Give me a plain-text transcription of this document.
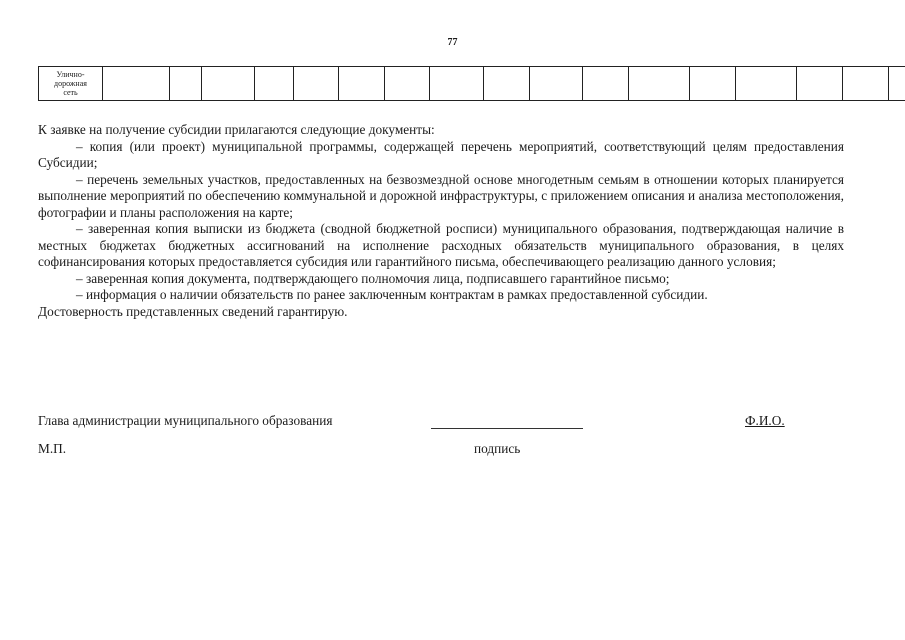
77
Улично-
дорожная
сеть																		

К заявке на получение субсидии прилагаются следующие документы:

– копия (или проект) муниципальной программы, содержащей перечень мероприятий, соответствующий целям предоставления Субсидии;

– перечень земельных участков, предоставленных на безвозмездной основе многодетным семьям в отношении которых планируется выполнение мероприятий по обеспечению коммунальной и дорожной инфраструктуры, с приложением описания и анализа местоположения, фотографии и планы расположения на карте;

– заверенная копия выписки из бюджета (сводной бюджетной росписи) муниципального образования, подтверждающая наличие в местных бюджетах бюджетных ассигнований на исполнение расходных обязательств муниципального образования, в целях софинансирования которых предоставляется субсидия или гарантийного письма, обеспечивающего реализацию данного условия;

– заверенная копия документа, подтверждающего полномочия лица, подписавшего гарантийное письмо;

– информация о наличии обязательств по ранее заключенным контрактам в рамках предоставленной субсидии.

Достоверность представленных сведений гарантирую.

Глава администрации муниципального образования	Ф.И.О.
М.П.	подпись
